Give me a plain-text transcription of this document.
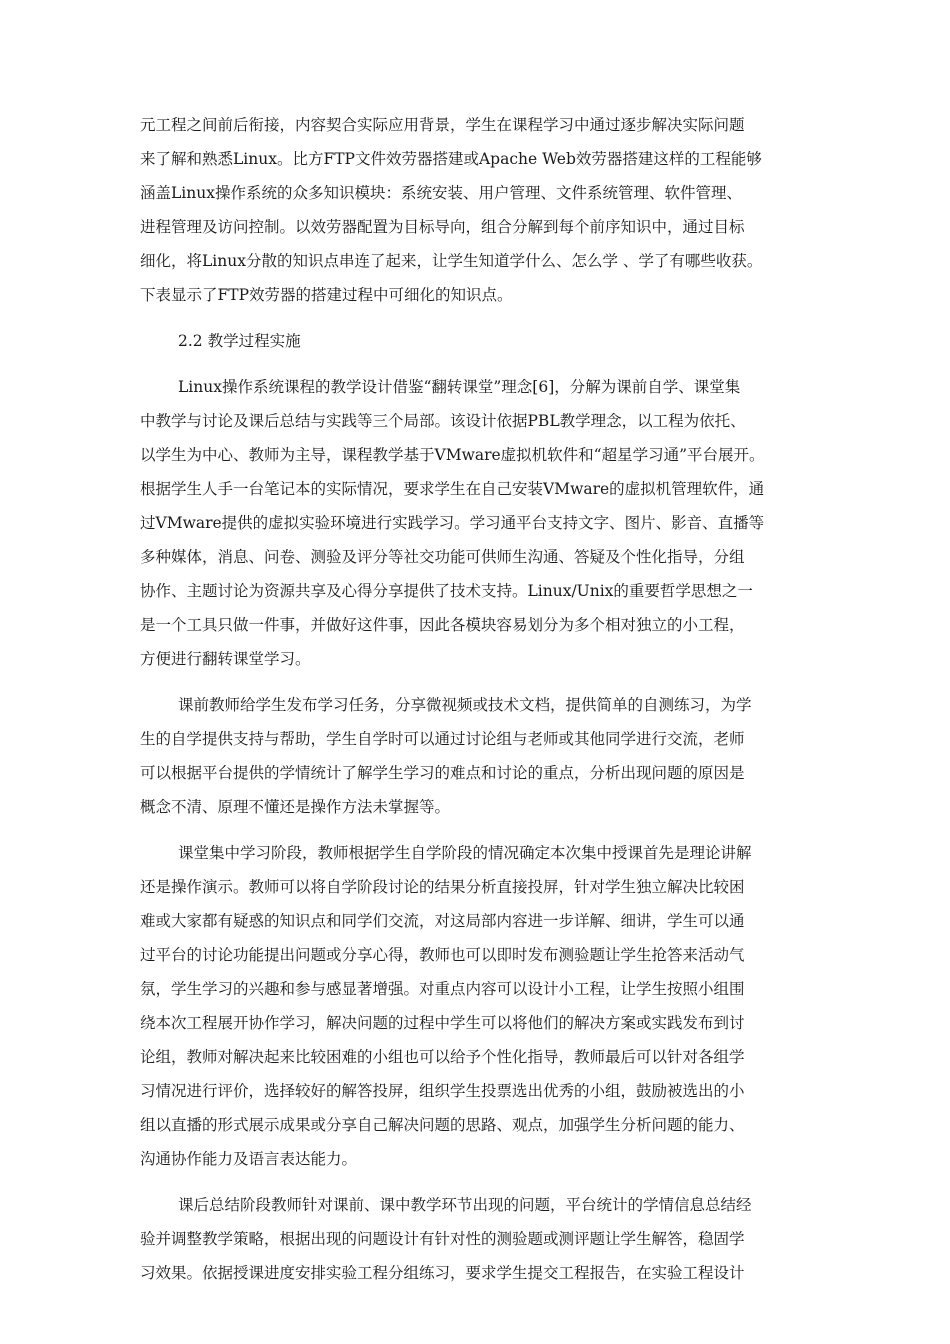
元工程之间前后衔接，内容契合实际应用背景，学生在课程学习中通过逐步解决实际问题
来了解和熟悉Linux。比方FTP文件效劳器搭建或Apache Web效劳器搭建这样的工程能够
涵盖Linux操作系统的众多知识模块：系统安装、用户管理、文件系统管理、软件管理、
进程管理及访问控制。以效劳器配置为目标导向，组合分解到每个前序知识中，通过目标
细化，将Linux分散的知识点串连了起来，让学生知道学什么、怎么学 、学了有哪些收获。
下表显示了FTP效劳器的搭建过程中可细化的知识点。
2.2 教学过程实施
Linux操作系统课程的教学设计借鉴“翻转课堂”理念[6]，分解为课前自学、课堂集
中教学与讨论及课后总结与实践等三个局部。该设计依据PBL教学理念，以工程为依托、
以学生为中心、教师为主导，课程教学基于VMware虚拟机软件和“超星学习通”平台展开。
根据学生人手一台笔记本的实际情况，要求学生在自己安装VMware的虚拟机管理软件，通
过VMware提供的虚拟实验环境进行实践学习。学习通平台支持文字、图片、影音、直播等
多种媒体，消息、问卷、测验及评分等社交功能可供师生沟通、答疑及个性化指导，分组
协作、主题讨论为资源共享及心得分享提供了技术支持。Linux/Unix的重要哲学思想之一
是一个工具只做一件事，并做好这件事，因此各模块容易划分为多个相对独立的小工程，
方便进行翻转课堂学习。
课前教师给学生发布学习任务，分享微视频或技术文档，提供简单的自测练习，为学
生的自学提供支持与帮助，学生自学时可以通过讨论组与老师或其他同学进行交流，老师
可以根据平台提供的学情统计了解学生学习的难点和讨论的重点，分析出现问题的原因是
概念不清、原理不懂还是操作方法未掌握等。
课堂集中学习阶段，教师根据学生自学阶段的情况确定本次集中授课首先是理论讲解
还是操作演示。教师可以将自学阶段讨论的结果分析直接投屏，针对学生独立解决比较困
难或大家都有疑惑的知识点和同学们交流，对这局部内容进一步详解、细讲，学生可以通
过平台的讨论功能提出问题或分享心得，教师也可以即时发布测验题让学生抢答来活动气
氛，学生学习的兴趣和参与感显著增强。对重点内容可以设计小工程，让学生按照小组围
绕本次工程展开协作学习，解决问题的过程中学生可以将他们的解决方案或实践发布到讨
论组，教师对解决起来比较困难的小组也可以给予个性化指导，教师最后可以针对各组学
习情况进行评价，选择较好的解答投屏，组织学生投票选出优秀的小组，鼓励被选出的小
组以直播的形式展示成果或分享自己解决问题的思路、观点，加强学生分析问题的能力、
沟通协作能力及语言表达能力。
课后总结阶段教师针对课前、课中教学环节出现的问题，平台统计的学情信息总结经
验并调整教学策略，根据出现的问题设计有针对性的测验题或测评题让学生解答，稳固学
习效果。依据授课进度安排实验工程分组练习，要求学生提交工程报告，在实验工程设计
